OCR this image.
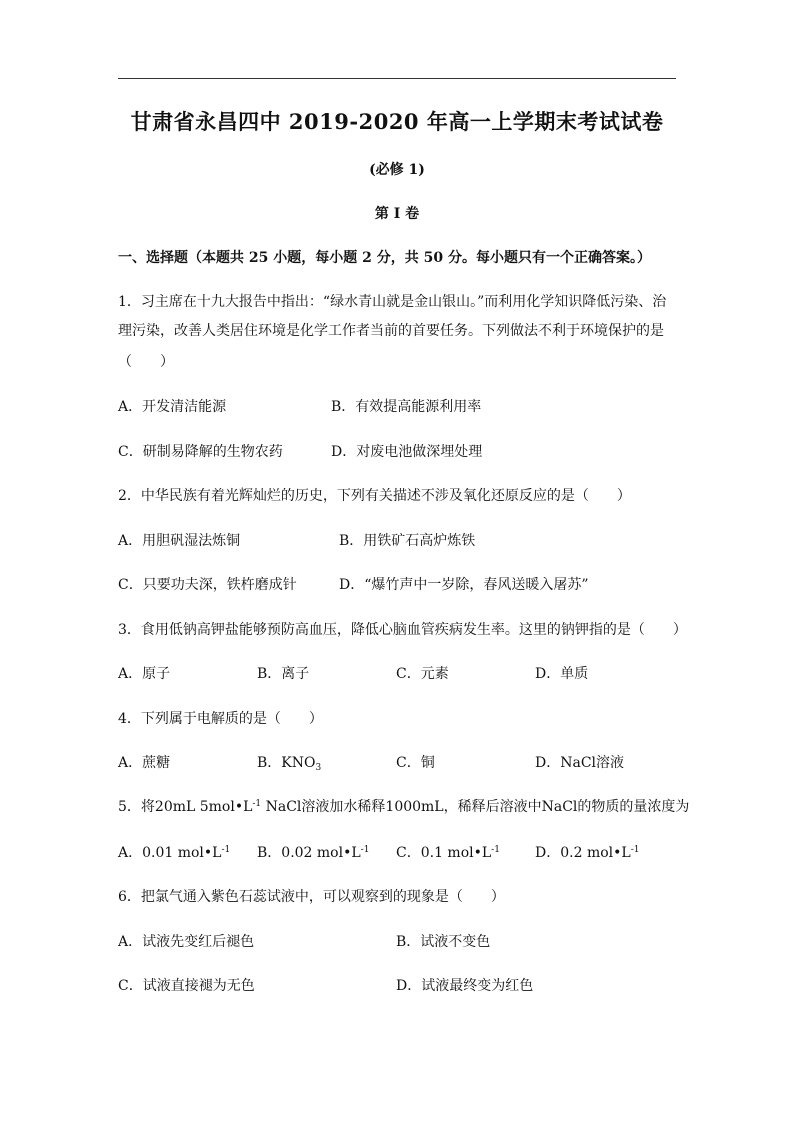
甘肃省永昌四中 2019-2020 年高一上学期末考试试卷
(必修 1)
第 I 卷
一、选择题（本题共 25 小题，每小题 2 分，共 50 分。每小题只有一个正确答案。）
1．习主席在十九大报告中指出：“绿水青山就是金山银山。”而利用化学知识降低污染、治
理污染，改善人类居住环境是化学工作者当前的首要任务。下列做法不利于环境保护的是
（　　）
A．开发清洁能源	B．有效提高能源利用率
C．研制易降解的生物农药	D．对废电池做深埋处理
2．中华民族有着光辉灿烂的历史，下列有关描述不涉及氧化还原反应的是（　　）
A．用胆矾湿法炼铜	B．用铁矿石高炉炼铁
C．只要功夫深，铁杵磨成针	D．“爆竹声中一岁除，春风送暖入屠苏”
3．食用低钠高钾盐能够预防高血压，降低心脑血管疾病发生率。这里的钠钾指的是（　　）
A．原子	B．离子	C．元素	D．单质
4．下列属于电解质的是（　　）
A．蔗糖	B．$KNO_3$	C．铜	D．NaCl溶液
5．将20mL $5mol•L^{-1}$ NaCl溶液加水稀释1000mL，稀释后溶液中NaCl的物质的量浓度为
A．0.01 $mol•L^{-1}$ B．0.02 $mol•L^{-1}$ C．0.1 $mol•L^{-1}$	D．0.2 $mol•L^{-1}$
6．把氯气通入紫色石蕊试液中，可以观察到的现象是（　　）
A．试液先变红后褪色	B．试液不变色
C．试液直接褪为无色	D．试液最终变为红色
